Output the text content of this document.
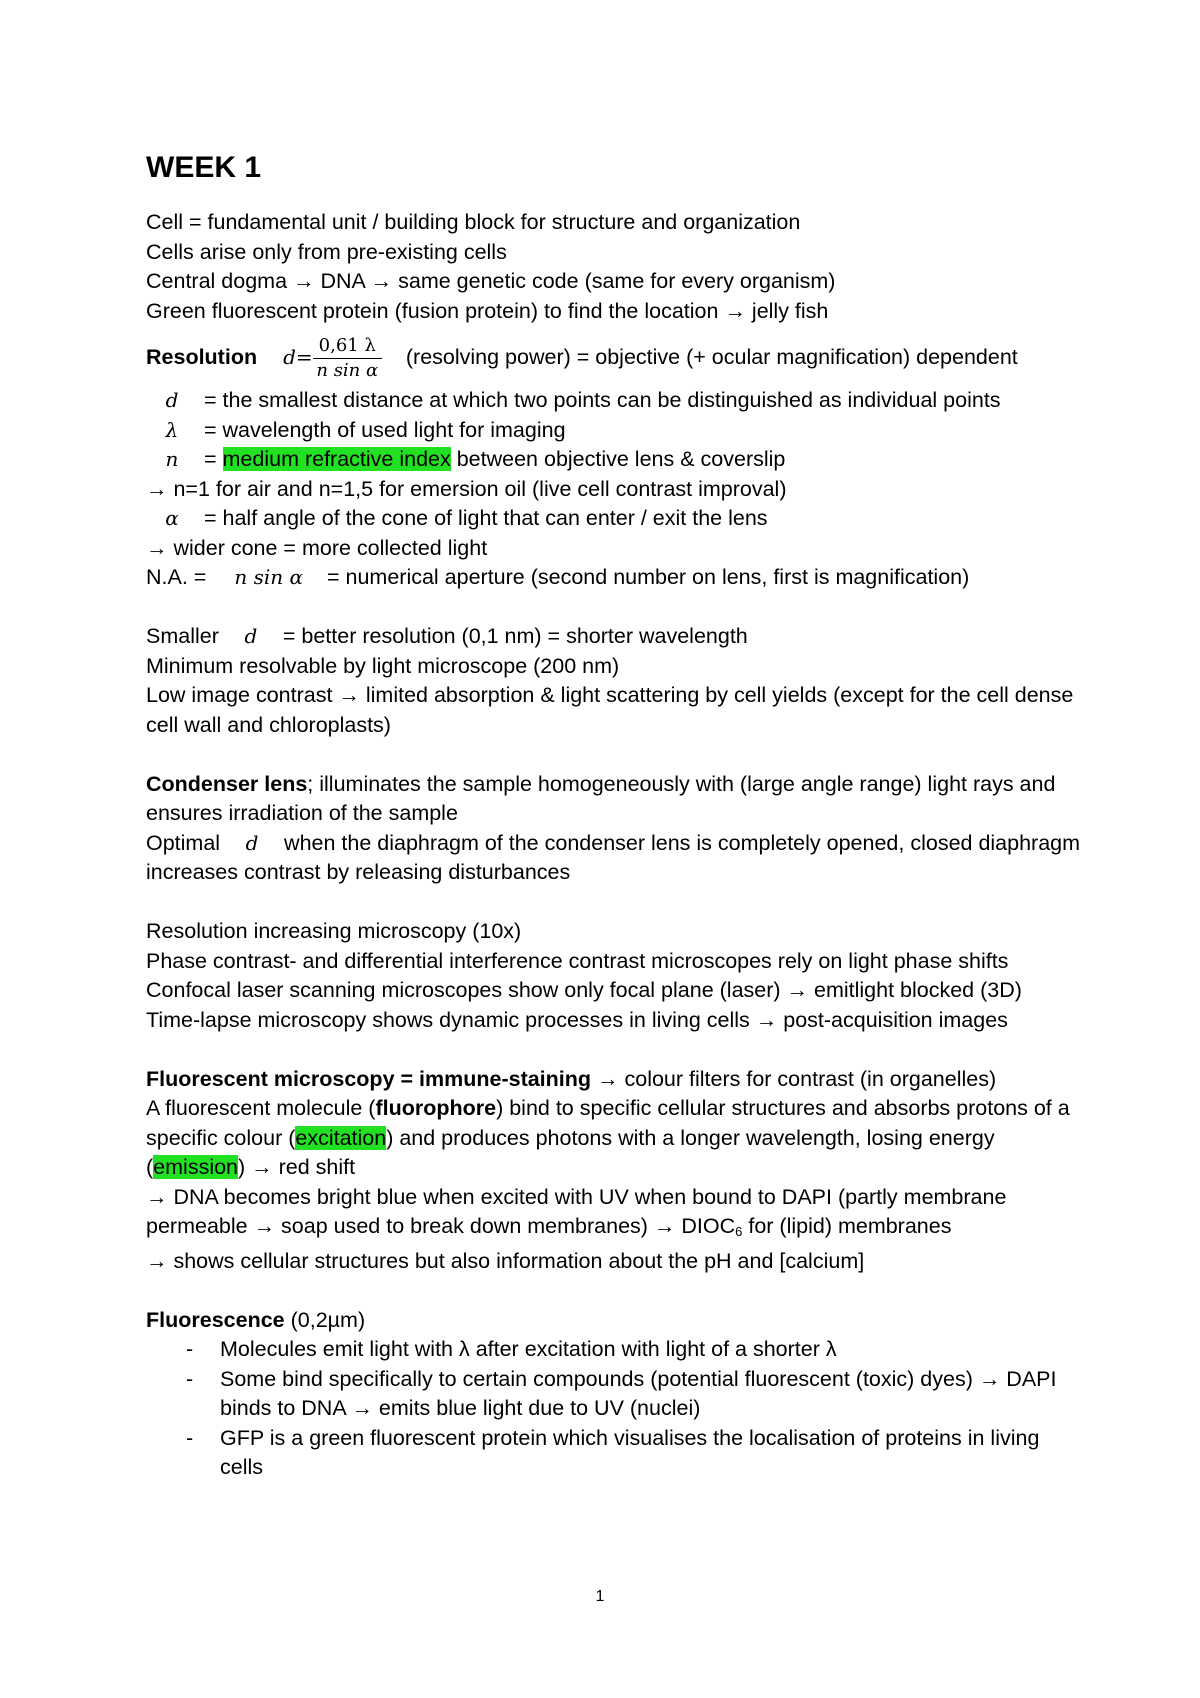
WEEK 1
Cell = fundamental unit / building block for structure and organization
Cells arise only from pre-existing cells
Central dogma → DNA → same genetic code (same for every organism)
Green fluorescent protein (fusion protein) to find the location → jelly fish
Resolution $d= \frac{0,61 \lambda}{\text{n sin α}}$ (resolving power) = objective (+ ocular magnification) dependent
d = the smallest distance at which two points can be distinguished as individual points
λ = wavelength of used light for imaging
n = medium refractive index between objective lens & coverslip
→ n=1 for air and n=1,5 for emersion oil (live cell contrast improval)
α = half angle of the cone of light that can enter / exit the lens
→ wider cone = more collected light
N.A. = n sin α = numerical aperture (second number on lens, first is magnification)
Smaller d = better resolution (0,1 nm) = shorter wavelength
Minimum resolvable by light microscope (200 nm)
Low image contrast → limited absorption & light scattering by cell yields (except for the cell dense cell wall and chloroplasts)
Condenser lens; illuminates the sample homogeneously with (large angle range) light rays and ensures irradiation of the sample
Optimal d when the diaphragm of the condenser lens is completely opened, closed diaphragm increases contrast by releasing disturbances
Resolution increasing microscopy (10x)
Phase contrast- and differential interference contrast microscopes rely on light phase shifts
Confocal laser scanning microscopes show only focal plane (laser) → emitlight blocked (3D)
Time-lapse microscopy shows dynamic processes in living cells → post-acquisition images
Fluorescent microscopy = immune-staining → colour filters for contrast (in organelles)
A fluorescent molecule (fluorophore) bind to specific cellular structures and absorbs protons of a specific colour (excitation) and produces photons with a longer wavelength, losing energy (emission) → red shift
→ DNA becomes bright blue when excited with UV when bound to DAPI (partly membrane permeable → soap used to break down membranes) → $DIOC_6$ for (lipid) membranes
→ shows cellular structures but also information about the pH and [calcium]
Fluorescence (0,2µm)
- Molecules emit light with λ after excitation with light of a shorter λ
- Some bind specifically to certain compounds (potential fluorescent (toxic) dyes) → DAPI binds to DNA → emits blue light due to UV (nuclei)
- GFP is a green fluorescent protein which visualises the localisation of proteins in living cells
1
